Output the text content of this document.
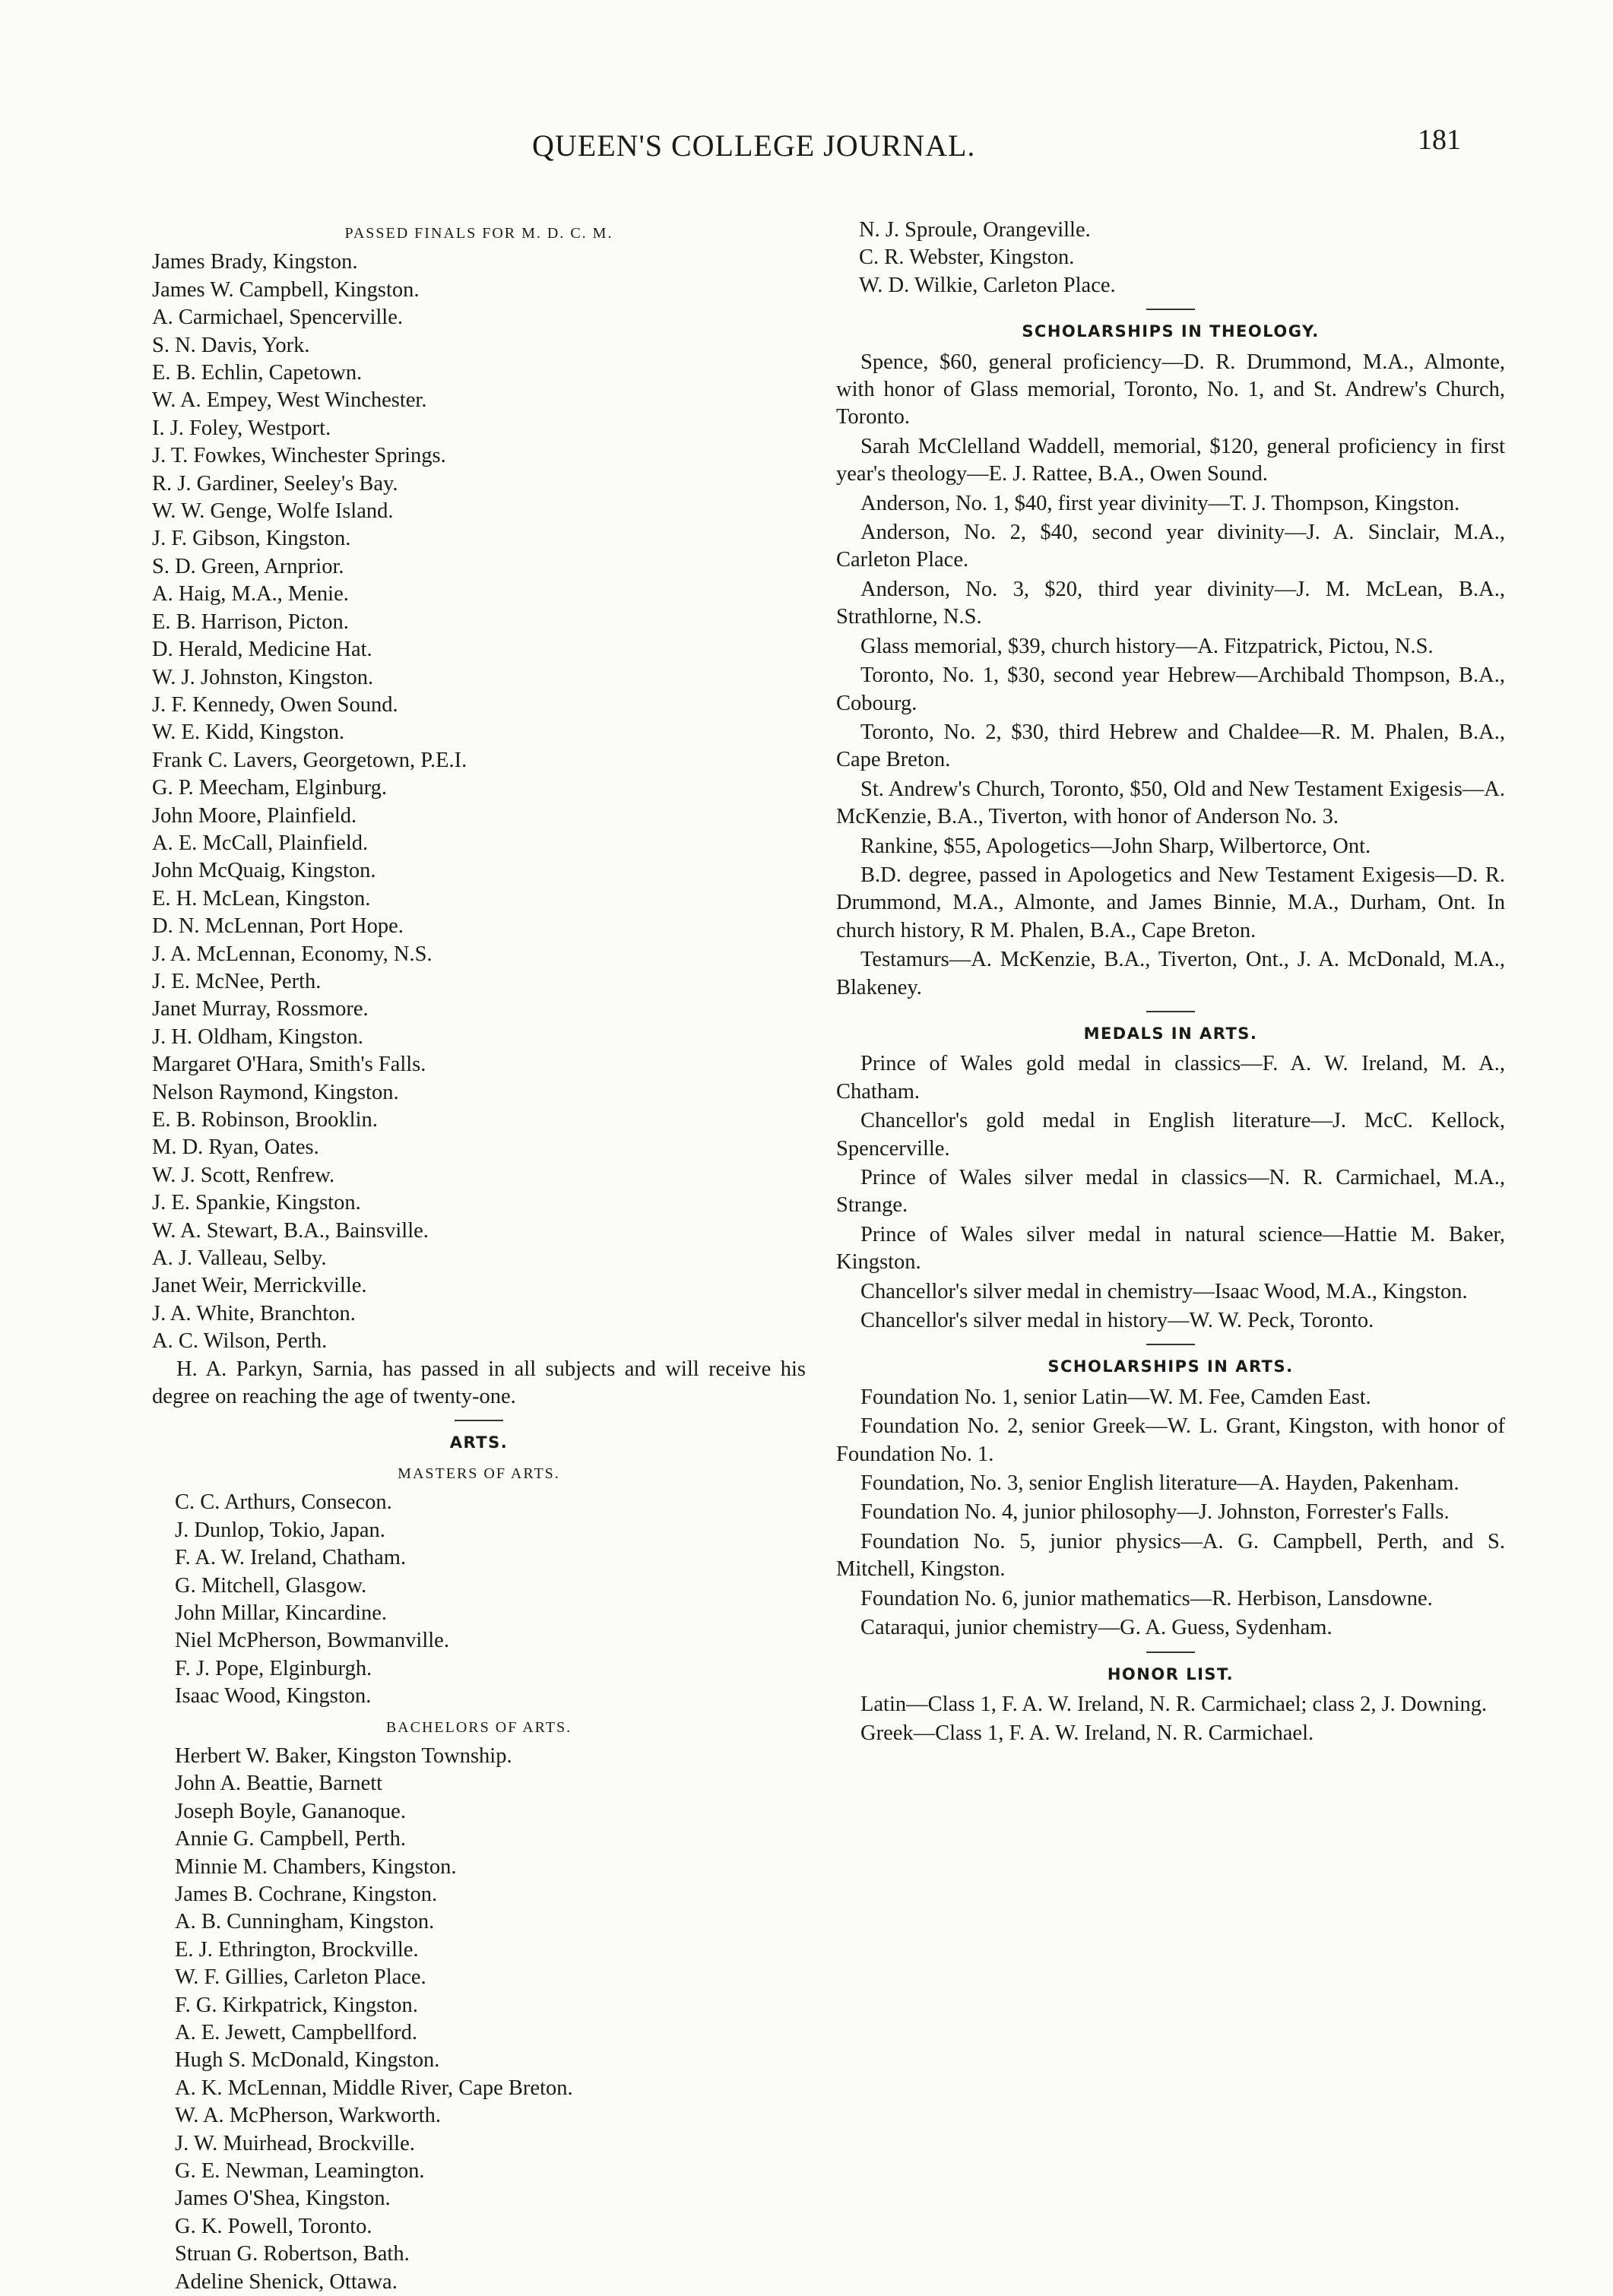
QUEEN'S COLLEGE JOURNAL.	181
PASSED FINALS FOR M. D. C. M.
James Brady, Kingston.
James W. Campbell, Kingston.
A. Carmichael, Spencerville.
S. N. Davis, York.
E. B. Echlin, Capetown.
W. A. Empey, West Winchester.
I. J. Foley, Westport.
J. T. Fowkes, Winchester Springs.
R. J. Gardiner, Seeley's Bay.
W. W. Genge, Wolfe Island.
J. F. Gibson, Kingston.
S. D. Green, Arnprior.
A. Haig, M.A., Menie.
E. B. Harrison, Picton.
D. Herald, Medicine Hat.
W. J. Johnston, Kingston.
J. F. Kennedy, Owen Sound.
W. E. Kidd, Kingston.
Frank C. Lavers, Georgetown, P.E.I.
G. P. Meecham, Elginburg.
John Moore, Plainfield.
A. E. McCall, Plainfield.
John McQuaig, Kingston.
E. H. McLean, Kingston.
D. N. McLennan, Port Hope.
J. A. McLennan, Economy, N.S.
J. E. McNee, Perth.
Janet Murray, Rossmore.
J. H. Oldham, Kingston.
Margaret O'Hara, Smith's Falls.
Nelson Raymond, Kingston.
E. B. Robinson, Brooklin.
M. D. Ryan, Oates.
W. J. Scott, Renfrew.
J. E. Spankie, Kingston.
W. A. Stewart, B.A., Bainsville.
A. J. Valleau, Selby.
Janet Weir, Merrickville.
J. A. White, Branchton.
A. C. Wilson, Perth.
H. A. Parkyn, Sarnia, has passed in all subjects and will receive his degree on reaching the age of twenty-one.
ARTS.
MASTERS OF ARTS.
C. C. Arthurs, Consecon.
J. Dunlop, Tokio, Japan.
F. A. W. Ireland, Chatham.
G. Mitchell, Glasgow.
John Millar, Kincardine.
Niel McPherson, Bowmanville.
F. J. Pope, Elginburgh.
Isaac Wood, Kingston.
BACHELORS OF ARTS.
Herbert W. Baker, Kingston Township.
John A. Beattie, Barnett
Joseph Boyle, Gananoque.
Annie G. Campbell, Perth.
Minnie M. Chambers, Kingston.
James B. Cochrane, Kingston.
A. B. Cunningham, Kingston.
E. J. Ethrington, Brockville.
W. F. Gillies, Carleton Place.
F. G. Kirkpatrick, Kingston.
A. E. Jewett, Campbellford.
Hugh S. McDonald, Kingston.
A. K. McLennan, Middle River, Cape Breton.
W. A. McPherson, Warkworth.
J. W. Muirhead, Brockville.
G. E. Newman, Leamington.
James O'Shea, Kingston.
G. K. Powell, Toronto.
Struan G. Robertson, Bath.
Adeline Shenick, Ottawa.
N. J. Sproule, Orangeville.
C. R. Webster, Kingston.
W. D. Wilkie, Carleton Place.
SCHOLARSHIPS IN THEOLOGY.
Spence, $60, general proficiency—D. R. Drummond, M.A., Almonte, with honor of Glass memorial, Toronto, No. 1, and St. Andrew's Church, Toronto.
Sarah McClelland Waddell, memorial, $120, general proficiency in first year's theology—E. J. Rattee, B.A., Owen Sound.
Anderson, No. 1, $40, first year divinity—T. J. Thompson, Kingston.
Anderson, No. 2, $40, second year divinity—J. A. Sinclair, M.A., Carleton Place.
Anderson, No. 3, $20, third year divinity—J. M. McLean, B.A., Strathlorne, N.S.
Glass memorial, $39, church history—A. Fitzpatrick, Pictou, N.S.
Toronto, No. 1, $30, second year Hebrew—Archibald Thompson, B.A., Cobourg.
Toronto, No. 2, $30, third Hebrew and Chaldee—R. M. Phalen, B.A., Cape Breton.
St. Andrew's Church, Toronto, $50, Old and New Testament Exigesis—A. McKenzie, B.A., Tiverton, with honor of Anderson No. 3.
Rankine, $55, Apologetics—John Sharp, Wilbertorce, Ont.
B.D. degree, passed in Apologetics and New Testament Exigesis—D. R. Drummond, M.A., Almonte, and James Binnie, M.A., Durham, Ont. In church history, R M. Phalen, B.A., Cape Breton.
Testamurs—A. McKenzie, B.A., Tiverton, Ont., J. A. McDonald, M.A., Blakeney.
MEDALS IN ARTS.
Prince of Wales gold medal in classics—F. A. W. Ireland, M. A., Chatham.
Chancellor's gold medal in English literature—J. McC. Kellock, Spencerville.
Prince of Wales silver medal in classics—N. R. Carmichael, M.A., Strange.
Prince of Wales silver medal in natural science—Hattie M. Baker, Kingston.
Chancellor's silver medal in chemistry—Isaac Wood, M.A., Kingston.
Chancellor's silver medal in history—W. W. Peck, Toronto.
SCHOLARSHIPS IN ARTS.
Foundation No. 1, senior Latin—W. M. Fee, Camden East.
Foundation No. 2, senior Greek—W. L. Grant, Kingston, with honor of Foundation No. 1.
Foundation, No. 3, senior English literature—A. Hayden, Pakenham.
Foundation No. 4, junior philosophy—J. Johnston, Forrester's Falls.
Foundation No. 5, junior physics—A. G. Campbell, Perth, and S. Mitchell, Kingston.
Foundation No. 6, junior mathematics—R. Herbison, Lansdowne.
Cataraqui, junior chemistry—G. A. Guess, Sydenham.
HONOR LIST.
Latin—Class 1, F. A. W. Ireland, N. R. Carmichael; class 2, J. Downing.
Greek—Class 1, F. A. W. Ireland, N. R. Carmichael.
